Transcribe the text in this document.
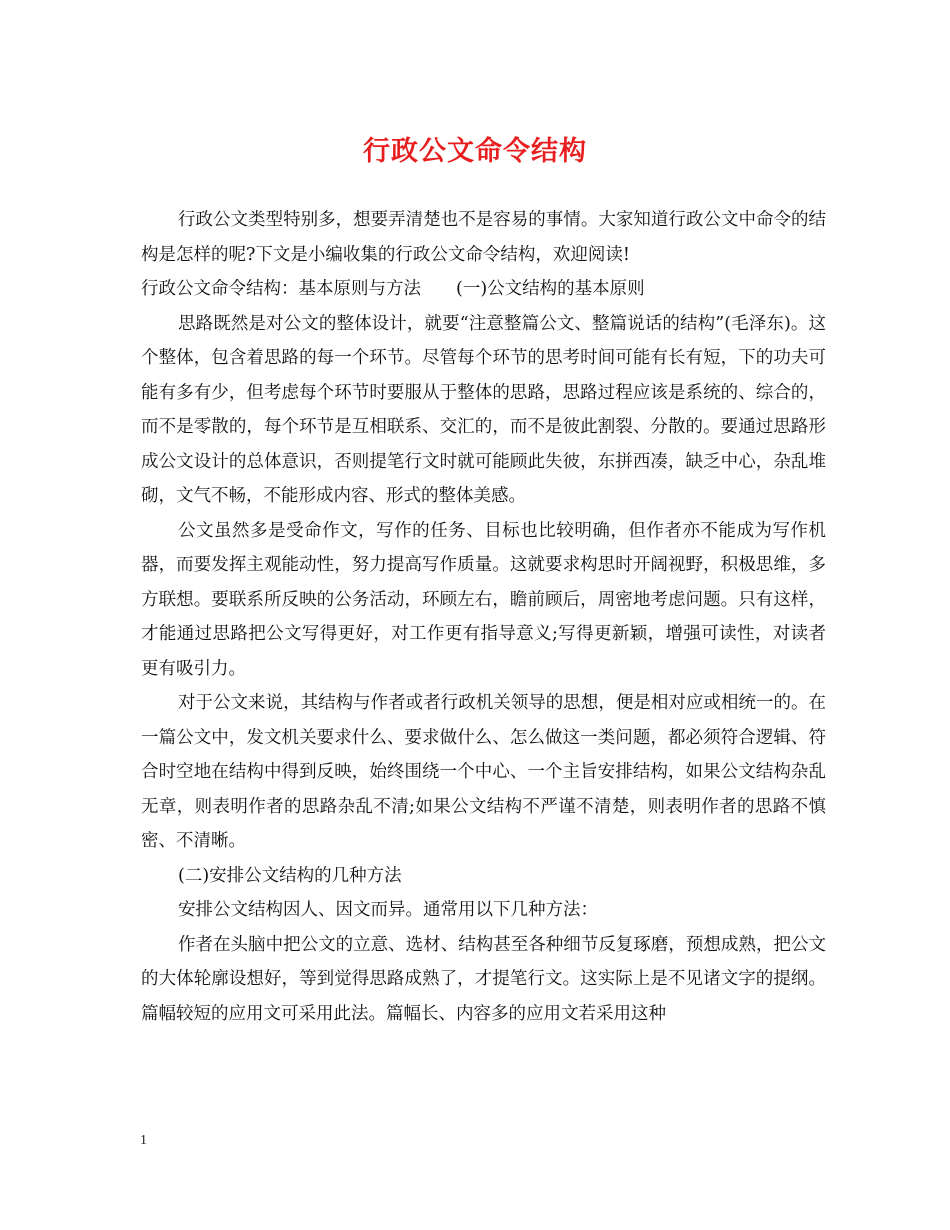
行政公文命令结构

行政公文类型特别多，想要弄清楚也不是容易的事情。大家知道行政公文中命令的结构是怎样的呢?下文是小编收集的行政公文命令结构，欢迎阅读!

行政公文命令结构：基本原则与方法　　(一)公文结构的基本原则

思路既然是对公文的整体设计，就要“注意整篇公文、整篇说话的结构”(毛泽东)。这个整体，包含着思路的每一个环节。尽管每个环节的思考时间可能有长有短，下的功夫可能有多有少，但考虑每个环节时要服从于整体的思路，思路过程应该是系统的、综合的，而不是零散的，每个环节是互相联系、交汇的，而不是彼此割裂、分散的。要通过思路形成公文设计的总体意识，否则提笔行文时就可能顾此失彼，东拼西凑，缺乏中心，杂乱堆砌，文气不畅，不能形成内容、形式的整体美感。

公文虽然多是受命作文，写作的任务、目标也比较明确，但作者亦不能成为写作机器，而要发挥主观能动性，努力提高写作质量。这就要求构思时开阔视野，积极思维，多方联想。要联系所反映的公务活动，环顾左右，瞻前顾后，周密地考虑问题。只有这样，才能通过思路把公文写得更好，对工作更有指导意义;写得更新颖，增强可读性，对读者更有吸引力。

对于公文来说，其结构与作者或者行政机关领导的思想，便是相对应或相统一的。在一篇公文中，发文机关要求什么、要求做什么、怎么做这一类问题，都必须符合逻辑、符合时空地在结构中得到反映，始终围绕一个中心、一个主旨安排结构，如果公文结构杂乱无章，则表明作者的思路杂乱不清;如果公文结构不严谨不清楚，则表明作者的思路不慎密、不清晰。

(二)安排公文结构的几种方法

安排公文结构因人、因文而异。通常用以下几种方法：

作者在头脑中把公文的立意、选材、结构甚至各种细节反复琢磨，预想成熟，把公文的大体轮廓设想好，等到觉得思路成熟了，才提笔行文。这实际上是不见诸文字的提纲。篇幅较短的应用文可采用此法。篇幅长、内容多的应用文若采用这种

1
